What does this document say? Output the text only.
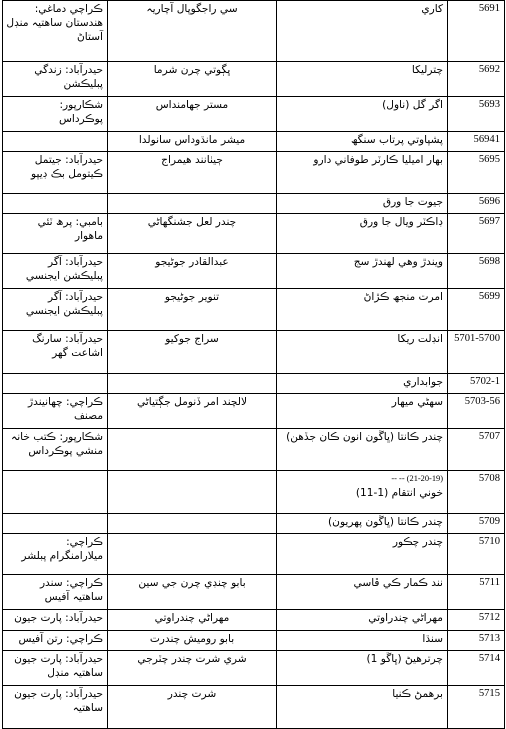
ڪراچي دماغي:
هندستان ساهتيہ منڊل
آستاڻ	سي راجگوپال آچاريہ	كاري	5691

حيدرآباد: زندگي
پبليڪشن	ڀڳوتي چرن شرما	چترليکا	5692

شڪارپور:
پوڪرداس	مستر جهامنداس	اگر گل (ناول)	5693

	ميشر مانڌوداس سانولدا	پشپاوتي پرتاب سنگھ	56941

حيدرآباد: جيتمل
ڪيتومل بڪ ڊيپو	ڄيٺانند هيمراج	بهار اميليا ڪارٽر طوفاني دارو	5695

		جيوت جا ورق	5696

بامبي: پرھ ٽئي
ماهوار	چندر لعل جشنگهاڻي	ڊاڪٽر ويال جا ورق	5697

حيدرآباد: آگر
پبليڪشن ايجنسي	عبدالقادر جوڻيجو	ويندڙ وهي لهندڙ سج	5698

حيدرآباد: آگر
پبليڪشن ايجنسي	تنوير جوڻيجو	امرت منجھ ڪڙاڻ	5699

حيدرآباد: سارنگ
اشاعت گهر	سراج جوکيو	انڊلت ريکا	5701-5700

		جوابداري	5702-1

ڪراچي: چهانيندڙ
مصنف	لالچند امر ڏنومل جڳتياڻي	سهڻي ميهار	5703-56

شڪارپور: ڪتب خانہ
منشي پوڪرداس		چندر ڪانتا (ڀاڱون انون ڪان جڏهن)	5707

		-- -- (21-20-19)
خوني انتقام (1-11)	5708

		چندر ڪانتا (ڀاڱون پهريون)	5709

ڪراچي:
ميلارامنگرام پبلشر		چندر چڪور	5710

ڪراچي: سندر
ساهتيہ آفيس	بابو چنڊي چرن جي سين	نند ڪمار ڪي ڦاسي	5711

حيدرآباد: پارت جيون	مهراڻي چندراوتي	مهراڻي چندراوتي	5712

ڪراچي: رتن آفيس	بابو روميش چندرت	سنڌا	5713

حيدرآباد: پارت جيون
ساهتيہ منڊل	شري شرت چندر چٽرجي	چرترهيڻ (ڀاڱو 1)	5714

حيدرآباد: پارت جيون
ساهتيہ	شرت چندر	برهمڻ ڪنيا	5715
